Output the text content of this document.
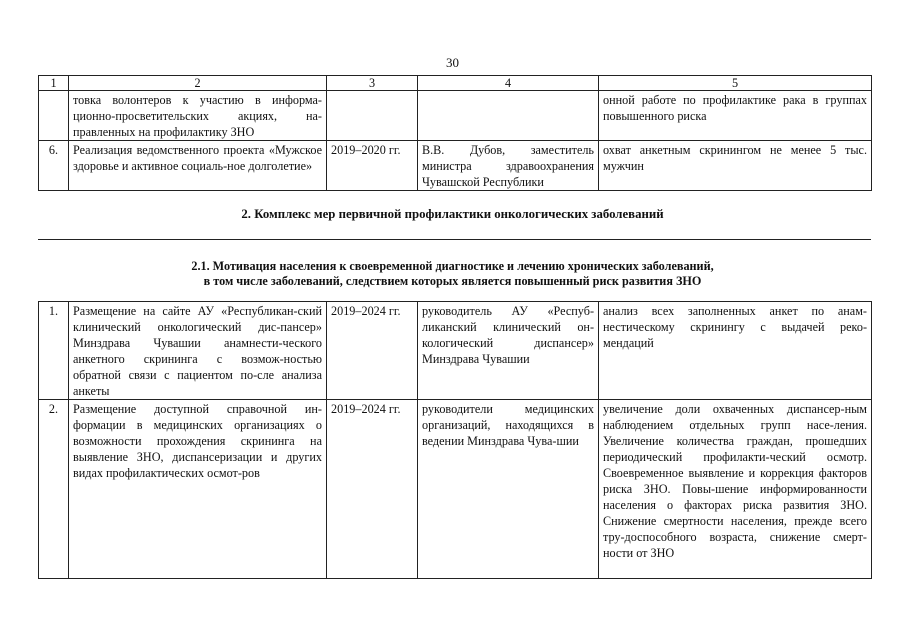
30
1	2	3	4	5
	товка волонтеров к участию в информа-ционно-просветительских акциях, на-правленных на профилактику ЗНО			онной работе по профилактике рака в группах повышенного риска
6.	Реализация ведомственного проекта «Мужское здоровье и активное социаль-ное долголетие»	2019–2020 гг.	В.В. Дубов, заместитель министра здравоохранения Чувашской Республики	охват анкетным скринингом не менее 5 тыс. мужчин
2. Комплекс мер первичной профилактики онкологических заболеваний
2.1. Мотивация населения к своевременной диагностике и лечению хронических заболеваний,
в том числе заболеваний, следствием которых является повышенный риск развития ЗНО
1.	Размещение на сайте АУ «Республикан-ский клинический онкологический дис-пансер» Минздрава Чувашии анамнести-ческого анкетного скрининга с возмож-ностью обратной связи с пациентом по-сле анализа анкеты	2019–2024 гг.	руководитель АУ «Респуб-ликанский клинический он-кологический диспансер» Минздрава Чувашии	анализ всех заполненных анкет по анам-нестическому скринингу с выдачей реко-мендаций
2.	Размещение доступной справочной ин-формации в медицинских организациях о возможности прохождения скрининга на выявление ЗНО, диспансеризации и других видах профилактических осмот-ров	2019–2024 гг.	руководители медицинских организаций, находящихся в ведении Минздрава Чува-шии	увеличение доли охваченных диспансер-ным наблюдением отдельных групп насе-ления. Увеличение количества граждан, прошедших периодический профилакти-ческий осмотр. Своевременное выявление и коррекция факторов риска ЗНО. Повы-шение информированности населения о факторах риска развития ЗНО. Снижение смертности населения, прежде всего тру-доспособного возраста, снижение смерт-ности от ЗНО
